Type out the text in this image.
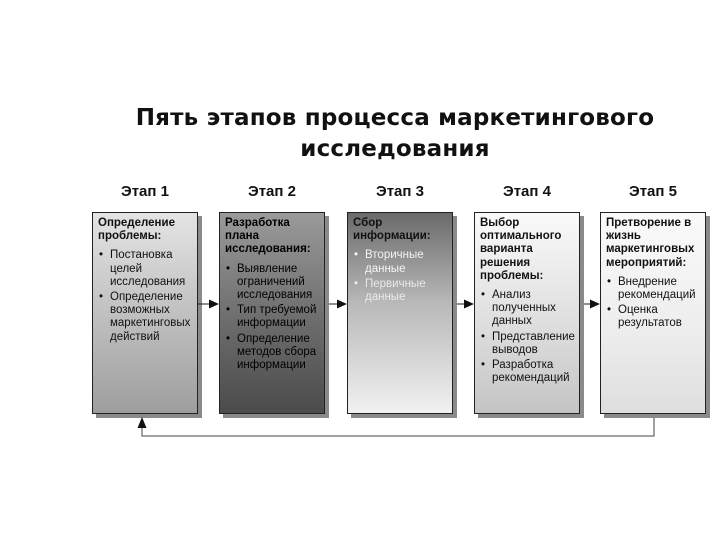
Пять этапов процесса маркетингового
исследования
Этап 1	Этап 2	Этап 3	Этап 4	Этап 5
Определение проблемы:
• Постановка целей исследования
• Определение возможных маркетинговых действий
Разработка плана исследования:
• Выявление ограничений исследования
• Тип требуемой информации
• Определение методов сбора информации
Сбор информации:
• Вторичные данные
• Первичные данные
Выбор оптимального варианта решения проблемы:
• Анализ полученных данных
• Представление выводов
• Разработка рекомендаций
Претворение в жизнь маркетинговых мероприятий:
• Внедрение рекомендаций
• Оценка результатов
